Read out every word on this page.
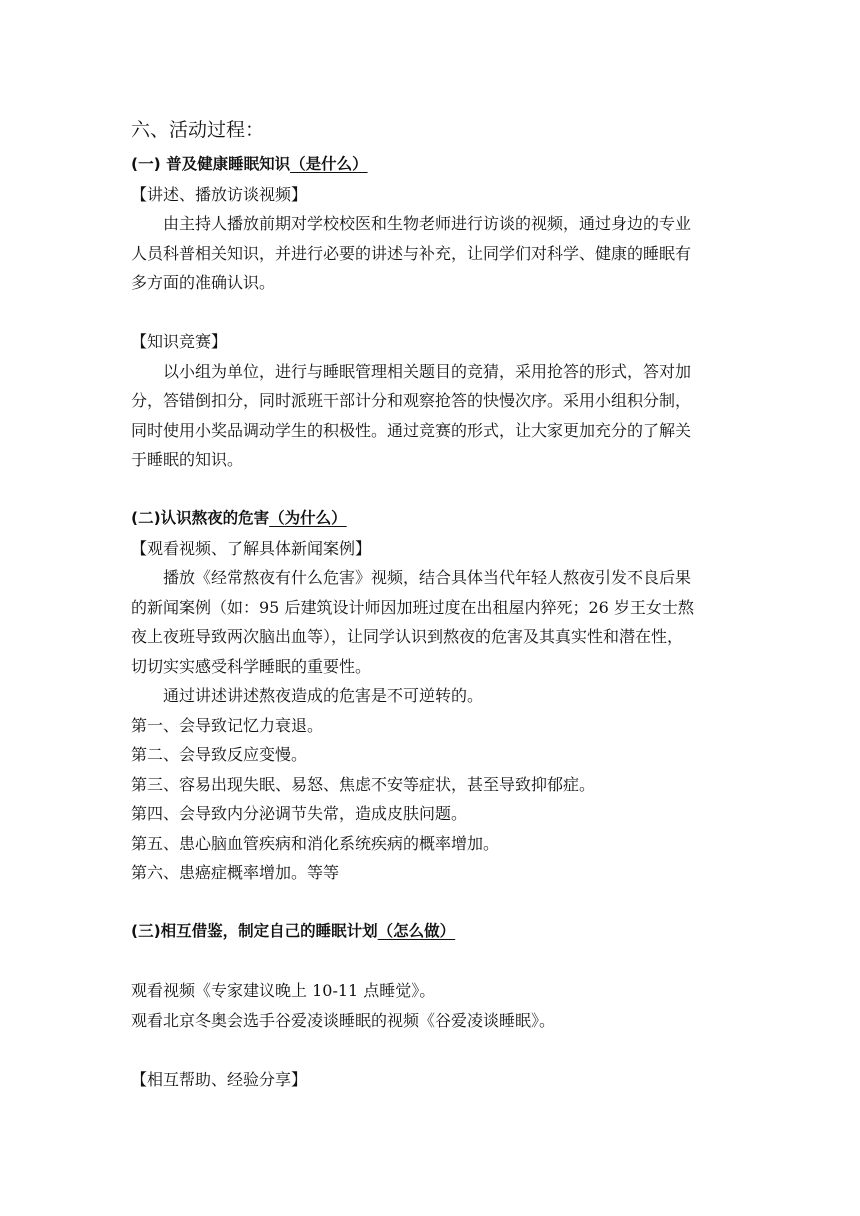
六、活动过程：
(一) 普及健康睡眠知识（是什么）
【讲述、播放访谈视频】
由主持人播放前期对学校校医和生物老师进行访谈的视频，通过身边的专业
人员科普相关知识，并进行必要的讲述与补充，让同学们对科学、健康的睡眠有
多方面的准确认识。
【知识竞赛】
以小组为单位，进行与睡眠管理相关题目的竞猜，采用抢答的形式，答对加
分，答错倒扣分，同时派班干部计分和观察抢答的快慢次序。采用小组积分制，
同时使用小奖品调动学生的积极性。通过竞赛的形式，让大家更加充分的了解关
于睡眠的知识。
(二)认识熬夜的危害（为什么）
【观看视频、了解具体新闻案例】
播放《经常熬夜有什么危害》视频，结合具体当代年轻人熬夜引发不良后果
的新闻案例（如：95 后建筑设计师因加班过度在出租屋内猝死；26 岁王女士熬
夜上夜班导致两次脑出血等），让同学认识到熬夜的危害及其真实性和潜在性，
切切实实感受科学睡眠的重要性。
通过讲述讲述熬夜造成的危害是不可逆转的。
第一、会导致记忆力衰退。
第二、会导致反应变慢。
第三、容易出现失眠、易怒、焦虑不安等症状，甚至导致抑郁症。
第四、会导致内分泌调节失常，造成皮肤问题。
第五、患心脑血管疾病和消化系统疾病的概率增加。
第六、患癌症概率增加。等等
(三)相互借鉴，制定自己的睡眠计划（怎么做）
观看视频《专家建议晚上 10-11 点睡觉》。
观看北京冬奥会选手谷爱凌谈睡眠的视频《谷爱凌谈睡眠》。
【相互帮助、经验分享】
